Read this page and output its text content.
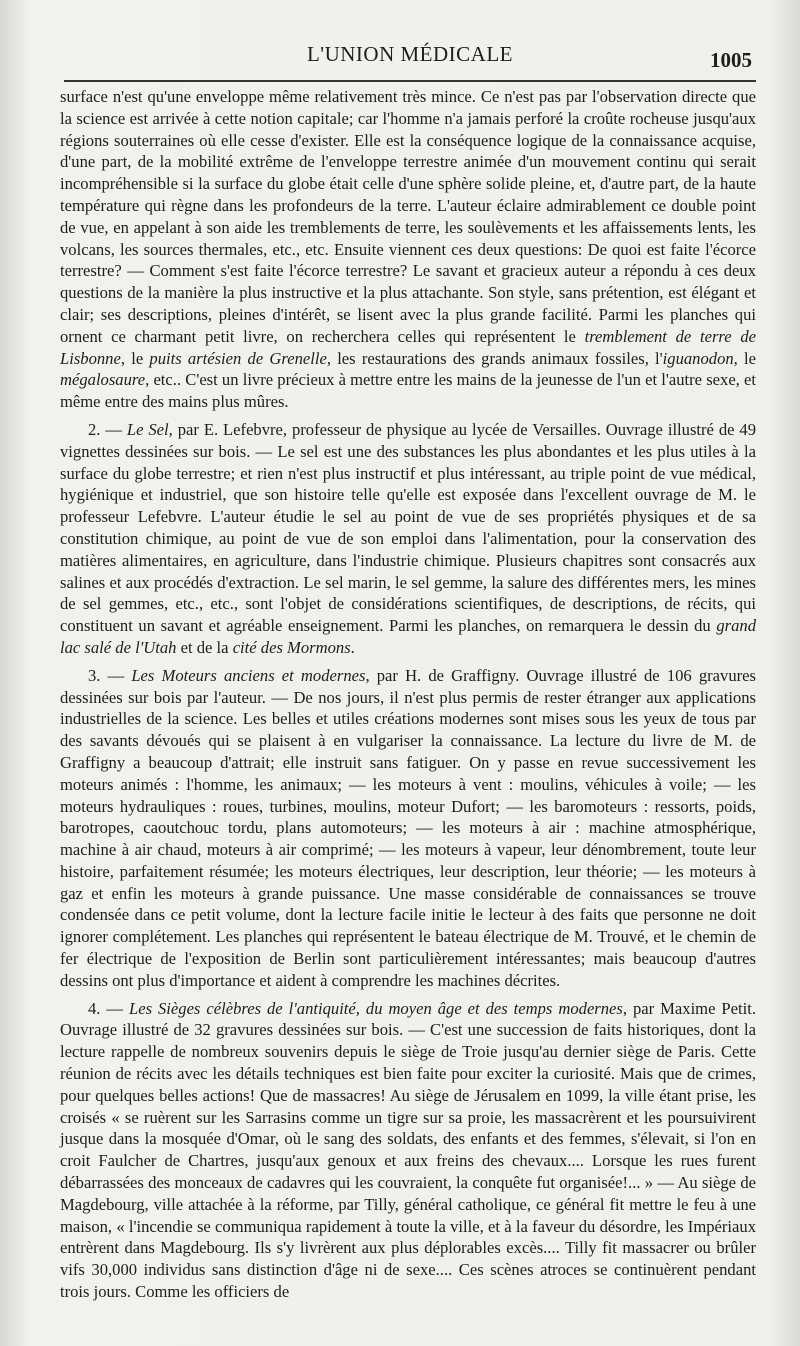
L'UNION MÉDICALE	1005

surface n'est qu'une enveloppe même relativement très mince. Ce n'est pas par l'observation directe que la science est arrivée à cette notion capitale; car l'homme n'a jamais perforé la croûte rocheuse jusqu'aux régions souterraines où elle cesse d'exister. Elle est la conséquence logique de la connaissance acquise, d'une part, de la mobilité extrême de l'enveloppe terrestre animée d'un mouvement continu qui serait incompréhensible si la surface du globe était celle d'une sphère solide pleine, et, d'autre part, de la haute température qui règne dans les profondeurs de la terre. L'auteur éclaire admirablement ce double point de vue, en appelant à son aide les tremblements de terre, les soulèvements et les affaissements lents, les volcans, les sources thermales, etc., etc. Ensuite viennent ces deux questions: De quoi est faite l'écorce terrestre? — Comment s'est faite l'écorce terrestre? Le savant et gracieux auteur a répondu à ces deux questions de la manière la plus instructive et la plus attachante. Son style, sans prétention, est élégant et clair; ses descriptions, pleines d'intérêt, se lisent avec la plus grande facilité. Parmi les planches qui ornent ce charmant petit livre, on recherchera celles qui représentent le tremblement de terre de Lisbonne, le puits artésien de Grenelle, les restaurations des grands animaux fossiles, l'iguanodon, le mégalosaure, etc.. C'est un livre précieux à mettre entre les mains de la jeunesse de l'un et l'autre sexe, et même entre des mains plus mûres.

2. — Le Sel, par E. Lefebvre, professeur de physique au lycée de Versailles. Ouvrage illustré de 49 vignettes dessinées sur bois. — Le sel est une des substances les plus abondantes et les plus utiles à la surface du globe terrestre; et rien n'est plus instructif et plus intéressant, au triple point de vue médical, hygiénique et industriel, que son histoire telle qu'elle est exposée dans l'excellent ouvrage de M. le professeur Lefebvre. L'auteur étudie le sel au point de vue de ses propriétés physiques et de sa constitution chimique, au point de vue de son emploi dans l'alimentation, pour la conservation des matières alimentaires, en agriculture, dans l'industrie chimique. Plusieurs chapitres sont consacrés aux salines et aux procédés d'extraction. Le sel marin, le sel gemme, la salure des différentes mers, les mines de sel gemmes, etc., etc., sont l'objet de considérations scientifiques, de descriptions, de récits, qui constituent un savant et agréable enseignement. Parmi les planches, on remarquera le dessin du grand lac salé de l'Utah et de la cité des Mormons.

3. — Les Moteurs anciens et modernes, par H. de Graffigny. Ouvrage illustré de 106 gravures dessinées sur bois par l'auteur. — De nos jours, il n'est plus permis de rester étranger aux applications industrielles de la science. Les belles et utiles créations modernes sont mises sous les yeux de tous par des savants dévoués qui se plaisent à en vulgariser la connaissance. La lecture du livre de M. de Graffigny a beaucoup d'attrait; elle instruit sans fatiguer. On y passe en revue successivement les moteurs animés : l'homme, les animaux; — les moteurs à vent : moulins, véhicules à voile; — les moteurs hydrauliques : roues, turbines, moulins, moteur Dufort; — les baromoteurs : ressorts, poids, barotropes, caoutchouc tordu, plans automoteurs; — les moteurs à air : machine atmosphérique, machine à air chaud, moteurs à air comprimé; — les moteurs à vapeur, leur dénombrement, toute leur histoire, parfaitement résumée; les moteurs électriques, leur description, leur théorie; — les moteurs à gaz et enfin les moteurs à grande puissance. Une masse considérable de connaissances se trouve condensée dans ce petit volume, dont la lecture facile initie le lecteur à des faits que personne ne doit ignorer complétement. Les planches qui représentent le bateau électrique de M. Trouvé, et le chemin de fer électrique de l'exposition de Berlin sont particulièrement intéressantes; mais beaucoup d'autres dessins ont plus d'importance et aident à comprendre les machines décrites.

4. — Les Sièges célèbres de l'antiquité, du moyen âge et des temps modernes, par Maxime Petit. Ouvrage illustré de 32 gravures dessinées sur bois. — C'est une succession de faits historiques, dont la lecture rappelle de nombreux souvenirs depuis le siège de Troie jusqu'au dernier siège de Paris. Cette réunion de récits avec les détails techniques est bien faite pour exciter la curiosité. Mais que de crimes, pour quelques belles actions! Que de massacres! Au siège de Jérusalem en 1099, la ville étant prise, les croisés « se ruèrent sur les Sarrasins comme un tigre sur sa proie, les massacrèrent et les poursuivirent jusque dans la mosquée d'Omar, où le sang des soldats, des enfants et des femmes, s'élevait, si l'on en croit Faulcher de Chartres, jusqu'aux genoux et aux freins des chevaux.... Lorsque les rues furent débarrassées des monceaux de cadavres qui les couvraient, la conquête fut organisée!... » — Au siège de Magdebourg, ville attachée à la réforme, par Tilly, général catholique, ce général fit mettre le feu à une maison, « l'incendie se communiqua rapidement à toute la ville, et à la faveur du désordre, les Impériaux entrèrent dans Magdebourg. Ils s'y livrèrent aux plus déplorables excès.... Tilly fit massacrer ou brûler vifs 30,000 individus sans distinction d'âge ni de sexe.... Ces scènes atroces se continuèrent pendant trois jours. Comme les officiers de
